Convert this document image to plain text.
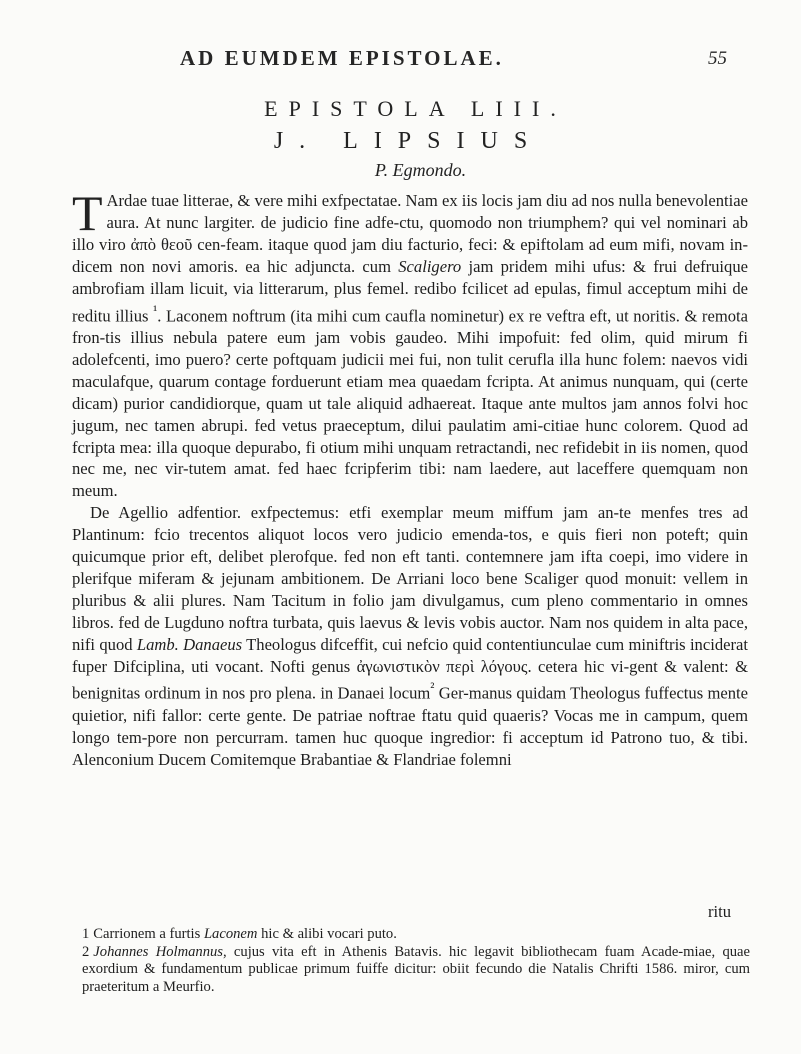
AD EUMDEM EPISTOLAE.	55
EPISTOLA LIII.
J. LIPSIUS
P. Egmondo.

T Ardae tuae litterae, & vere mihi exfpectatae. Nam ex iis locis jam diu ad nos nulla benevolentiae aura. At nunc largiter. de judicio fine adfe-ctu, quomodo non triumphem? qui vel nominari ab illo viro ἀπὸ θεοῦ cen-feam. itaque quod jam diu facturio, feci: & epiftolam ad eum mifi, novam in-dicem non novi amoris. ea hic adjuncta. cum Scaligero jam pridem mihi ufus: & frui defruique ambrofiam illam licuit, via litterarum, plus femel. redibo fcilicet ad epulas, fimul acceptum mihi de reditu illius $^{^1}$. Laconem noftrum (ita mihi cum caufla nominetur) ex re veftra eft, ut noritis. & remota fron-tis illius nebula patere eum jam vobis gaudeo. Mihi impofuit: fed olim, quid mirum fi adolefcenti, imo puero? certe poftquam judicii mei fui, non tulit cerufla illa hunc folem: naevos vidi maculafque, quarum contage forduerunt etiam mea quaedam fcripta. At animus nunquam, qui (certe dicam) purior candidiorque, quam ut tale aliquid adhaereat. Itaque ante multos jam annos folvi hoc jugum, nec tamen abrupi. fed vetus praeceptum, dilui paulatim ami-citiae hunc colorem. Quod ad fcripta mea: illa quoque depurabo, fi otium mihi unquam retractandi, nec refidebit in iis nomen, quod nec me, nec vir-tutem amat. fed haec fcripferim tibi: nam laedere, aut laceffere quemquam non meum.

De Agellio adfentior. exfpectemus: etfi exemplar meum miffum jam an-te menfes tres ad Plantinum: fcio trecentos aliquot locos vero judicio emenda-tos, e quis fieri non poteft; quin quicumque prior eft, delibet plerofque. fed non eft tanti. contemnere jam ifta coepi, imo videre in plerifque miferam & jejunam ambitionem. De Arriani loco bene Scaliger quod monuit: vellem in pluribus & alii plures. Nam Tacitum in folio jam divulgamus, cum pleno commentario in omnes libros. fed de Lugduno noftra turbata, quis laevus & levis vobis auctor. Nam nos quidem in alta pace, nifi quod Lamb. Danaeus Theologus difceffit, cui nefcio quid contentiunculae cum miniftris inciderat fuper Difciplina, uti vocant. Nofti genus ἀγωνιστικὸν περὶ λόγους. cetera hic vi-gent & valent: & benignitas ordinum in nos pro plena. in Danaei locum$^{^2}$ Ger-manus quidam Theologus fuffectus mente quietior, nifi fallor: certe gente. De patriae noftrae ftatu quid quaeris? Vocas me in campum, quem longo tem-pore non percurram. tamen huc quoque ingredior: fi acceptum id Patrono tuo, & tibi. Alenconium Ducem Comitemque Brabantiae & Flandriae folemni

ritu

1 Carrionem a furtis Laconem hic & alibi vocari puto.

2 Johannes Holmannus, cujus vita eft in Athenis Batavis. hic legavit bibliothecam fuam Acade-miae, quae exordium & fundamentum publicae primum fuiffe dicitur: obiit fecundo die Natalis Chrifti 1586. miror, cum praeteritum a Meurfio.
